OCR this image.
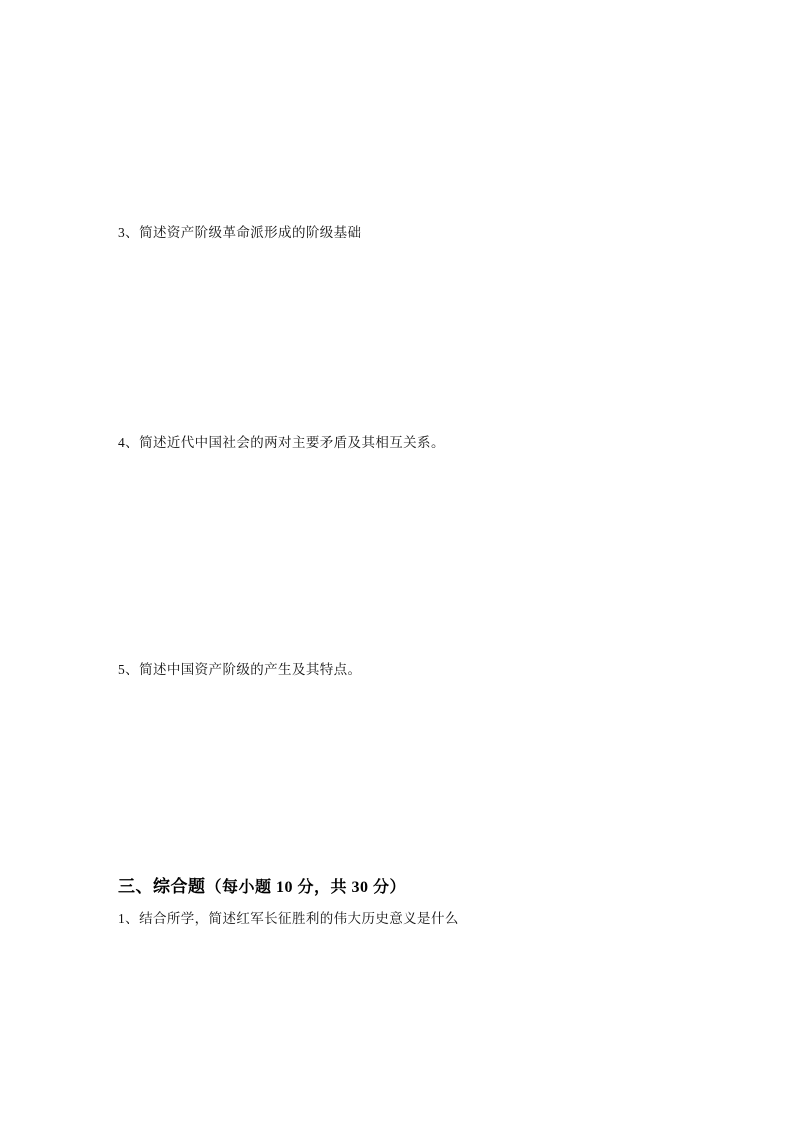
3、简述资产阶级革命派形成的阶级基础
4、简述近代中国社会的两对主要矛盾及其相互关系。
5、简述中国资产阶级的产生及其特点。
三、综合题（每小题 10 分，共 30 分）
1、结合所学，简述红军长征胜利的伟大历史意义是什么
